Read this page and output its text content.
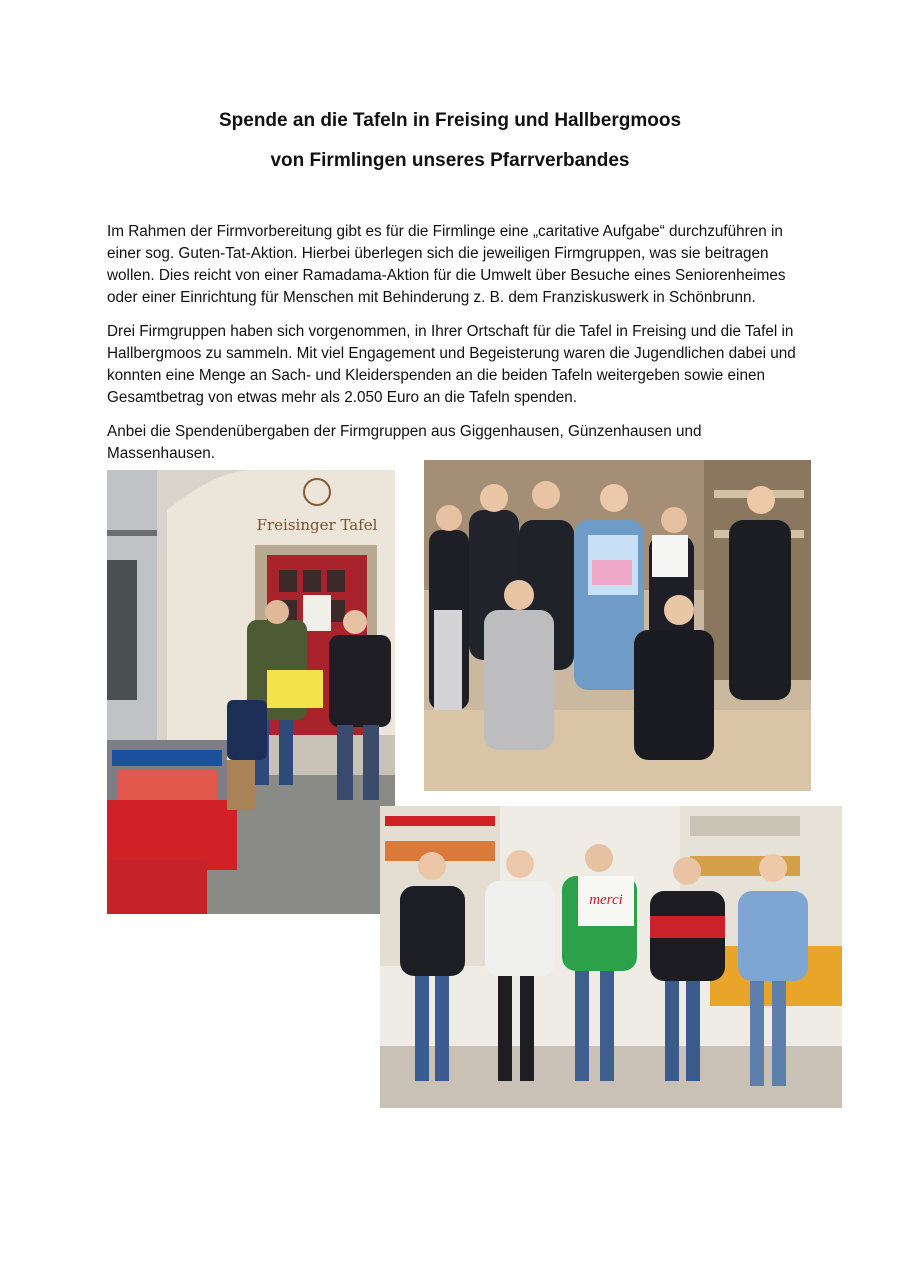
Spende an die Tafeln in Freising und Hallbergmoos
von Firmlingen unseres Pfarrverbandes

Im Rahmen der Firmvorbereitung gibt es für die Firmlinge eine „caritative Aufgabe“ durchzuführen in einer sog. Guten-Tat-Aktion. Hierbei überlegen sich die jeweiligen Firmgruppen, was sie beitragen wollen. Dies reicht von einer Ramadama-Aktion für die Umwelt über Besuche eines Seniorenheimes oder einer Einrichtung für Menschen mit Behinderung z. B. dem Franziskuswerk in Schönbrunn.

Drei Firmgruppen haben sich vorgenommen, in Ihrer Ortschaft für die Tafel in Freising und die Tafel in Hallbergmoos zu sammeln. Mit viel Engagement und Begeisterung waren die Jugendlichen dabei und konnten eine Menge an Sach- und Kleiderspenden an die beiden Tafeln weitergeben sowie einen Gesamtbetrag von etwas mehr als 2.050 Euro an die Tafeln spenden.

Anbei die Spendenübergaben der Firmgruppen aus Giggenhausen, Günzenhausen und Massenhausen.

Freisinger Tafel
merci
